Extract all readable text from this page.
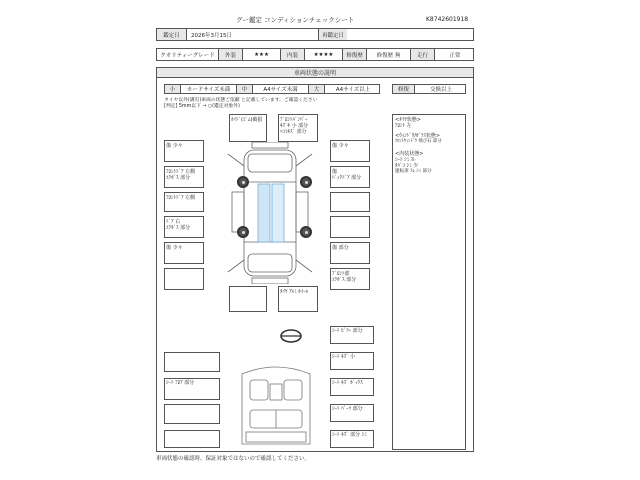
グー鑑定 コンディションチェックシート	K8742601918
鑑定日	2026年3月15日	再鑑定日
クオリティーグレード	外装	★★★	内装	★★★★	修復歴	修復歴 無	走行	正常
車両状態の説明
小	カードサイズ未満	中	A4サイズ未満	大	A4サイズ以上	修復	交換以上
タイヤ以外(溝有)車両の状態ご依頼 と記載しています。ご確認ください
[判定] 5mm以下 → ○(鑑定対象外)
<ﾀｲﾔ状態>
ﾌﾛﾝﾄ 左
<ｳｨﾝﾄﾞｳ/ｶﾞﾗｽ状態>
ﾌﾛﾝﾄｳｨﾝﾄﾞｳ 飛び石 部分
<内装状態>
ｼｰﾄ ｼﾐ ｽﾚ
ﾀﾊﾞｺ ｼﾐ 少
運転席 ｽﾚ ｼﾐ 部分
ｶｲﾄﾞ(ｺﾞﾑ)破損	ﾌﾞﾛﾝﾄﾊﾞﾝﾊﾟｰ
ｷｽﾞｷ 小 部分
ﾍｺﾐｷｽﾞ 部分
傷 少々
ﾌﾛﾝﾄﾄﾞｱ 左側
ｴｸﾎﾞｽ 部分
ﾌﾛﾝﾄﾄﾞｱ 左側
ﾄﾞｱ 右
ｴｸﾎﾞｽ 部分
傷 少々
傷 少々
傷
ﾊﾞｯｸﾄﾞｱ 部分
傷 部分
ﾌﾞﾛﾝﾄ部
ｴｸﾎﾞｽ 部分
ﾀｲﾔ ｱﾙﾐ ﾎｲｰﾙ
ｼｰﾄ ﾋﾟﾗｰ 部分
ｼｰﾄ ｷｽﾞ 小
ｼｰﾄ ｷｽﾞ ﾎﾞｯｸｽ
ｼｰﾄ ﾊﾟｰﾂ 部分
ｼｰﾄ ｷｽﾞ 部分 ｼﾐ
ｼｰﾄ ﾌﾛｱ 部分
車両状態の確認時、保証対象ではないので確認してください。
